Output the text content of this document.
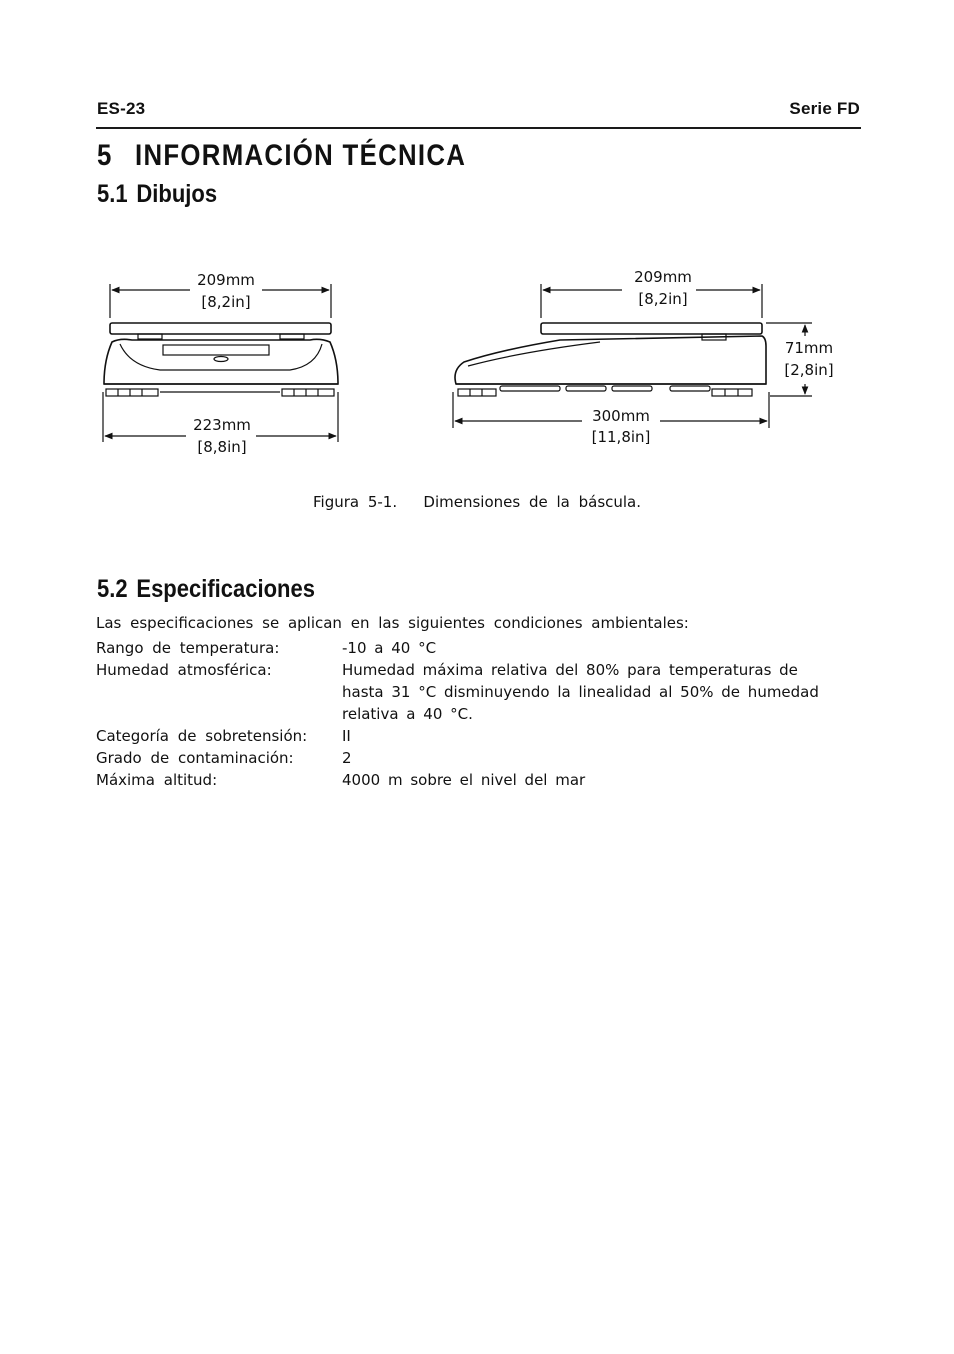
ES-23	Serie FD
5 INFORMACIÓN TÉCNICA
5.1 Dibujos
209mm
[8,2in]
223mm
[8,8in]
209mm
[8,2in]
71mm
[2,8in]
300mm
[11,8in]
Figura 5-1.   Dimensiones de la báscula.
5.2 Especificaciones
Las especificaciones se aplican en las siguientes condiciones ambientales:
Rango de temperatura:	-10 a 40 °C
Humedad atmosférica:	Humedad máxima relativa del 80% para temperaturas de hasta 31 °C disminuyendo la linealidad al 50% de humedad relativa a 40 °C.
Categoría de sobretensión: II
Grado de contaminación:	2
Máxima altitud:	4000 m sobre el nivel del mar
